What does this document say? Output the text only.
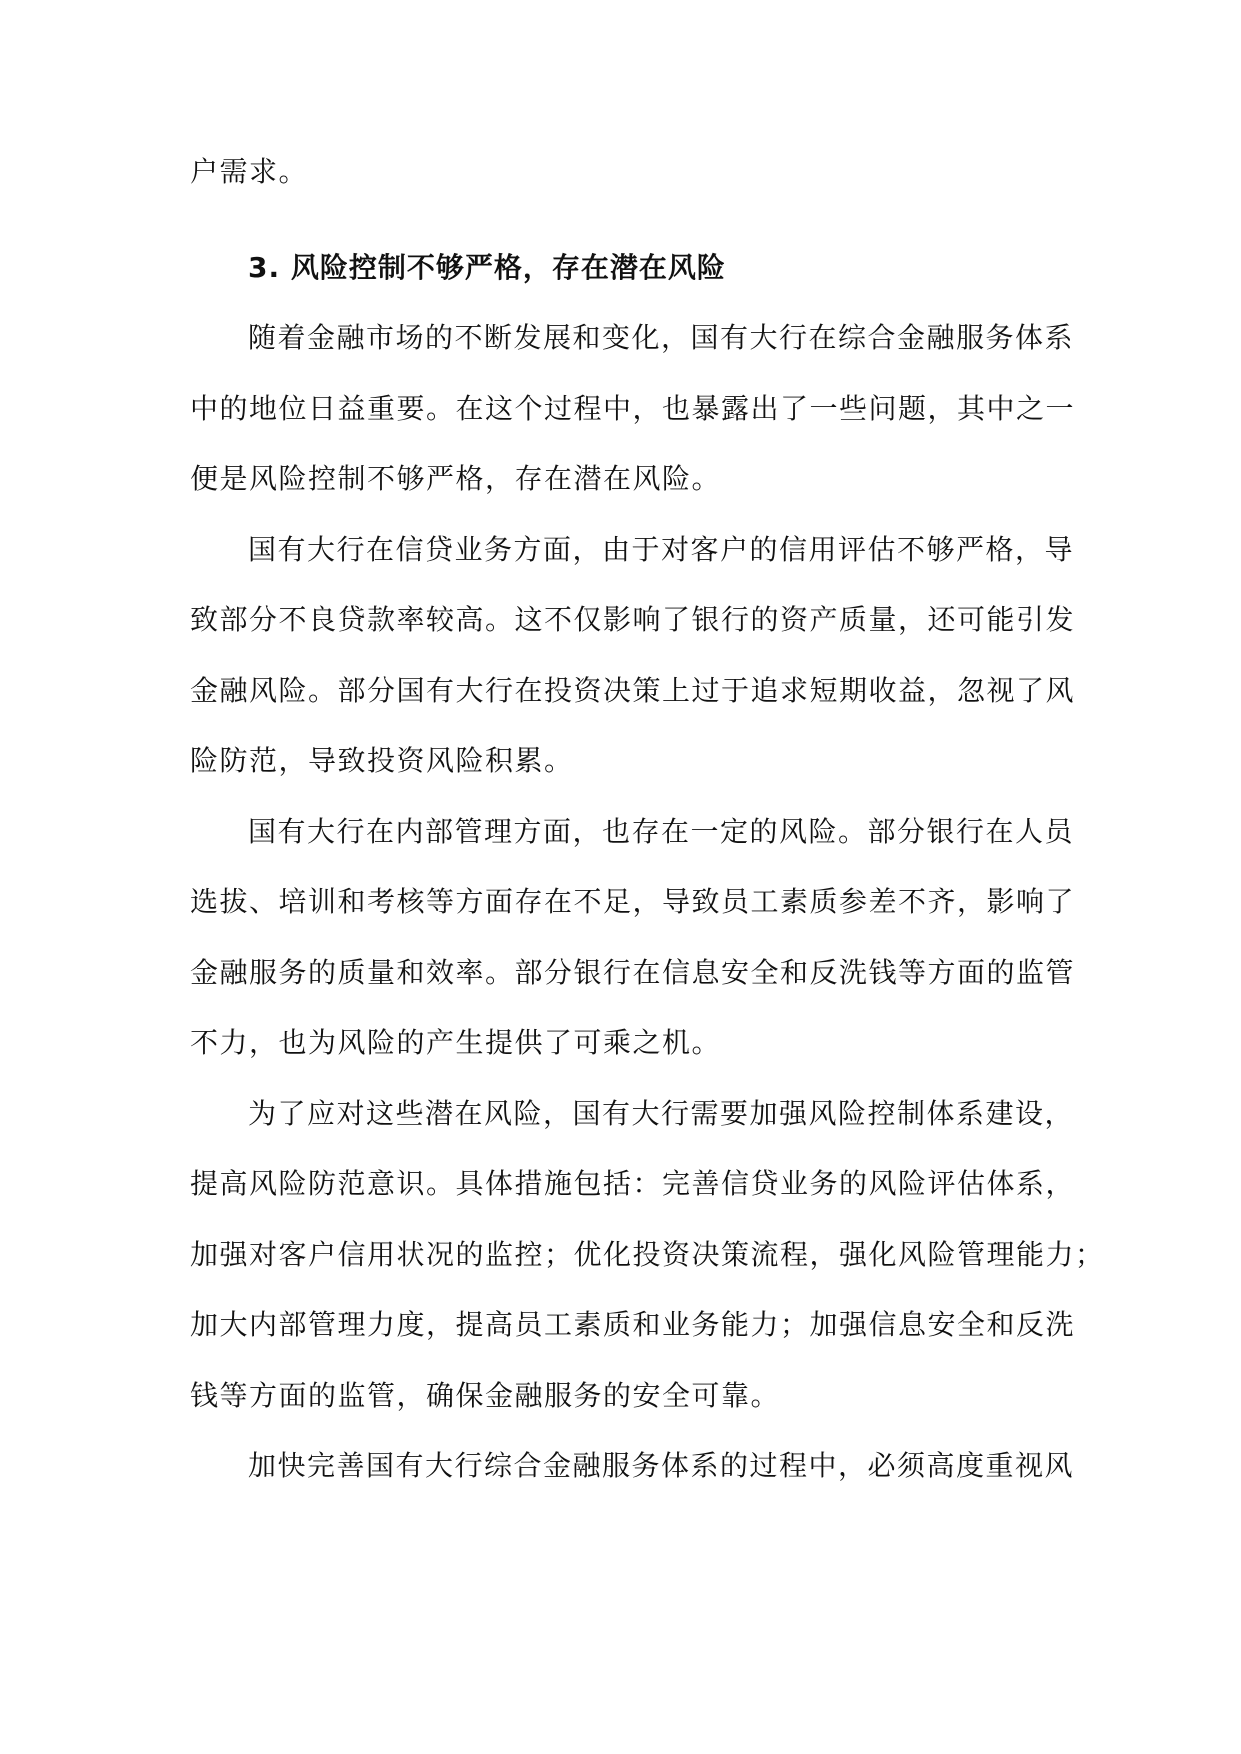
户需求。
3. 风险控制不够严格，存在潜在风险
随着金融市场的不断发展和变化，国有大行在综合金融服务体系
中的地位日益重要。在这个过程中，也暴露出了一些问题，其中之一
便是风险控制不够严格，存在潜在风险。
国有大行在信贷业务方面，由于对客户的信用评估不够严格，导
致部分不良贷款率较高。这不仅影响了银行的资产质量，还可能引发
金融风险。部分国有大行在投资决策上过于追求短期收益，忽视了风
险防范，导致投资风险积累。
国有大行在内部管理方面，也存在一定的风险。部分银行在人员
选拔、培训和考核等方面存在不足，导致员工素质参差不齐，影响了
金融服务的质量和效率。部分银行在信息安全和反洗钱等方面的监管
不力，也为风险的产生提供了可乘之机。
为了应对这些潜在风险，国有大行需要加强风险控制体系建设，
提高风险防范意识。具体措施包括：完善信贷业务的风险评估体系，
加强对客户信用状况的监控；优化投资决策流程，强化风险管理能力；
加大内部管理力度，提高员工素质和业务能力；加强信息安全和反洗
钱等方面的监管，确保金融服务的安全可靠。
加快完善国有大行综合金融服务体系的过程中，必须高度重视风
